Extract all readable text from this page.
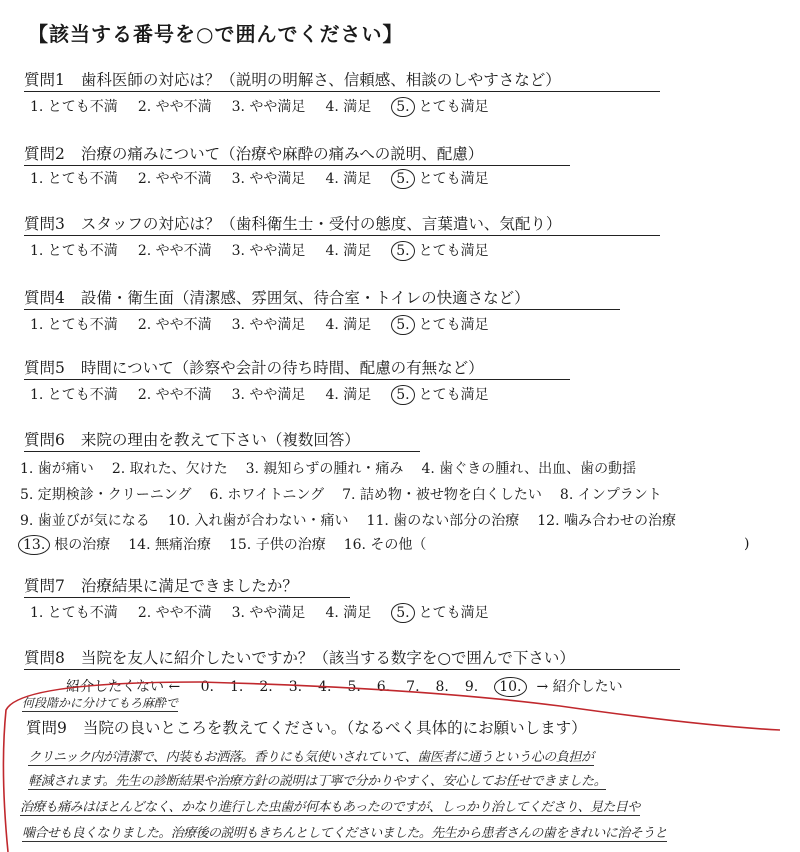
【該当する番号を○で囲んでください】
質問1 歯科医師の対応は？（説明の明解さ、信頼感、相談のしやすさなど）
1. とても不満 2. やや不満 3. やや満足 4. 満足 5. とても満足
質問2 治療の痛みについて（治療や麻酔の痛みへの説明、配慮）
1. とても不満 2. やや不満 3. やや満足 4. 満足 5. とても満足
質問3 スタッフの対応は？（歯科衛生士・受付の態度、言葉遣い、気配り）
1. とても不満 2. やや不満 3. やや満足 4. 満足 5. とても満足
質問4 設備・衛生面（清潔感、雰囲気、待合室・トイレの快適さなど）
1. とても不満 2. やや不満 3. やや満足 4. 満足 5. とても満足
質問5 時間について（診察や会計の待ち時間、配慮の有無など）
1. とても不満 2. やや不満 3. やや満足 4. 満足 5. とても満足
質問6 来院の理由を教えて下さい（複数回答）
1. 歯が痛い 2. 取れた、欠けた 3. 親知らずの腫れ・痛み 4. 歯ぐきの腫れ、出血、歯の動揺
5. 定期検診・クリーニング 6. ホワイトニング 7. 詰め物・被せ物を白くしたい 8. インプラント
9. 歯並びが気になる 10. 入れ歯が合わない・痛い 11. 歯のない部分の治療 12. 噛み合わせの治療
13. 根の治療 14. 無痛治療 15. 子供の治療 16. その他（	)
質問7 治療結果に満足できましたか？
1. とても不満 2. やや不満 3. やや満足 4. 満足 5. とても満足
質問8 当院を友人に紹介したいですか？（該当する数字を○で囲んで下さい）
紹介したくない ← 0. 1. 2. 3. 4. 5. 6. 7. 8. 9. 10. → 紹介したい
何段階かに分けてもろ麻酔で
質問9 当院の良いところを教えてください。（なるべく具体的にお願いします）
クリニック内が清潔で、内装もお洒落。香りにも気使いされていて、歯医者に通うという心の負担が
軽減されます。先生の診断結果や治療方針の説明は丁寧で分かりやすく、安心してお任せできました。
治療も痛みはほとんどなく、かなり進行した虫歯が何本もあったのですが、しっかり治してくださり、見た目や
噛合せも良くなりました。治療後の説明もきちんとしてくださいました。先生から患者さんの歯をきれいに治そうと
